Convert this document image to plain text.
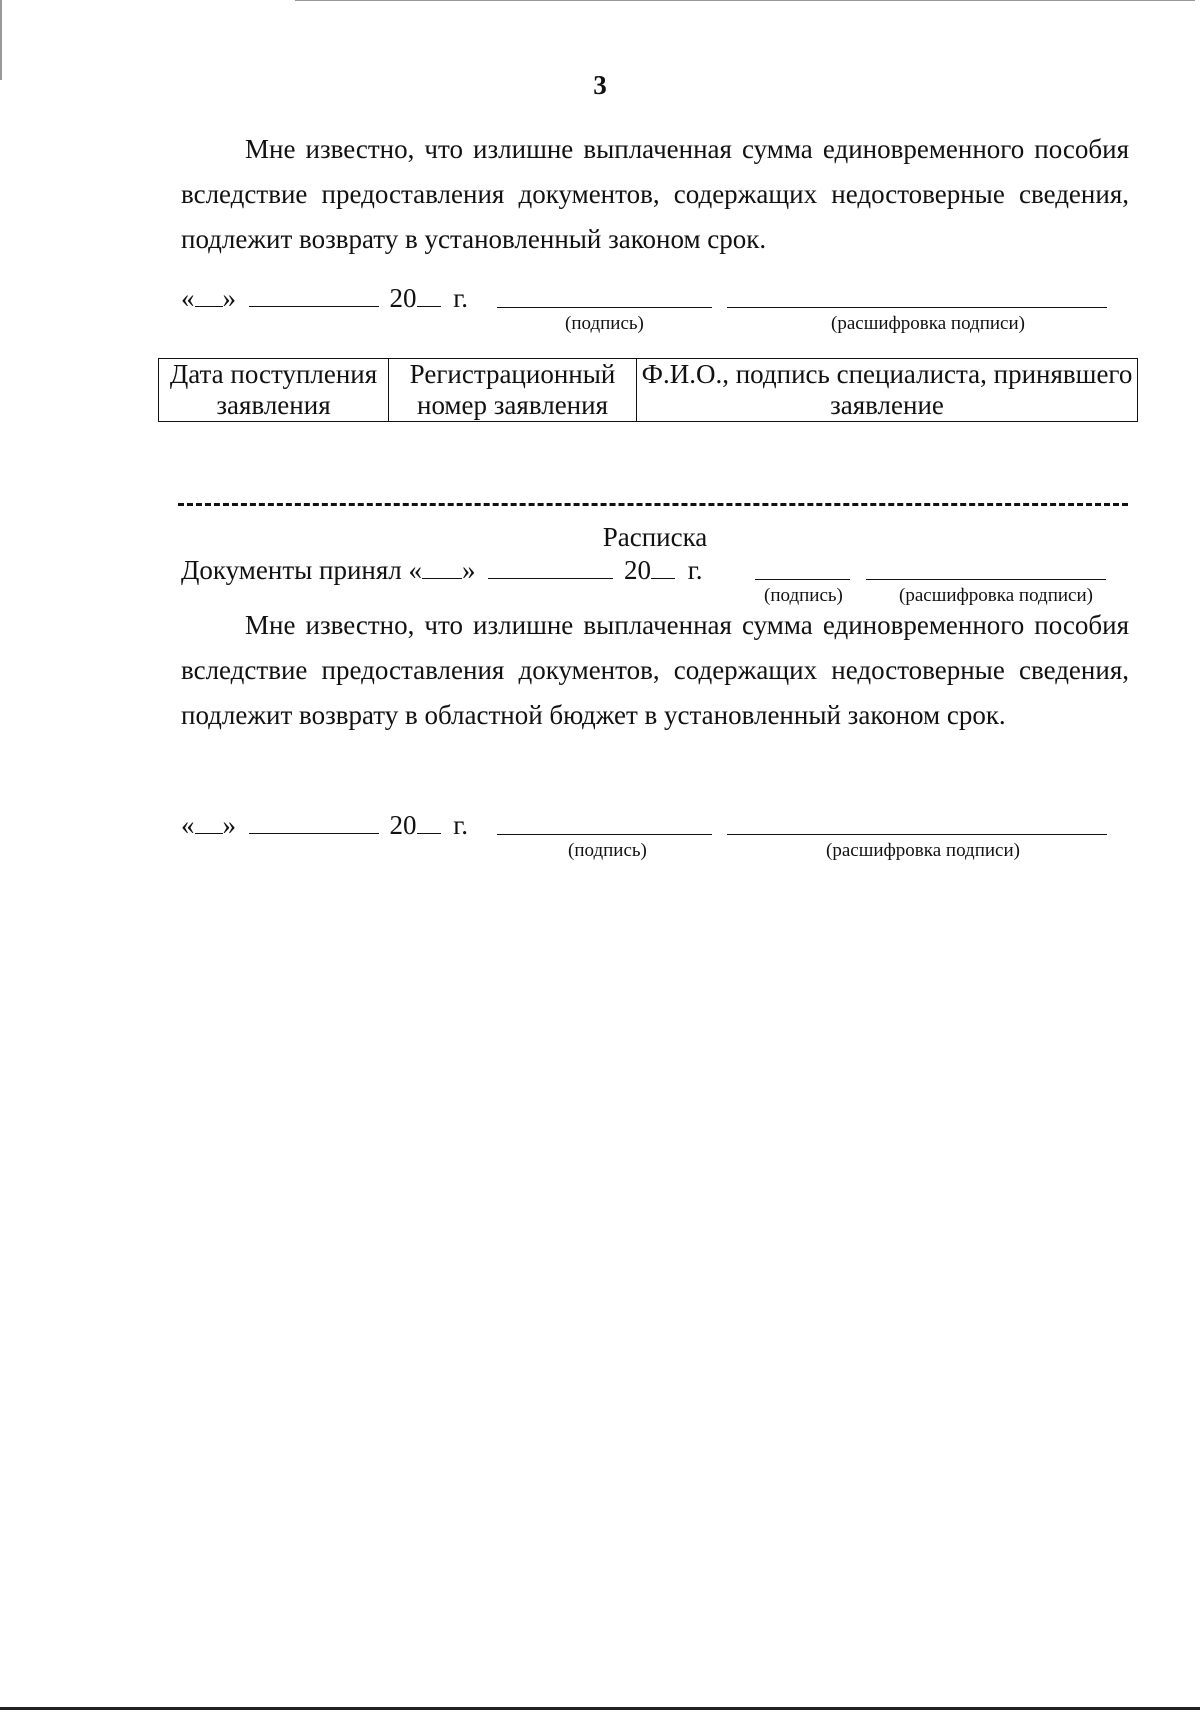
3
Мне известно, что излишне выплаченная сумма единовременного пособия вследствие предоставления документов, содержащих недостоверные сведения, подлежит возврату в установленный законом срок.
« »	20 г.
(подпись)	(расшифровка подписи)
Дата поступления заявления	Регистрационный номер заявления	Ф.И.О., подпись специалиста, принявшего заявление
Расписка
Документы принял « »	20 г.
(подпись)	(расшифровка подписи)
Мне известно, что излишне выплаченная сумма единовременного пособия вследствие предоставления документов, содержащих недостоверные сведения, подлежит возврату в областной бюджет в установленный законом срок.
« »	20 г.
(подпись)	(расшифровка подписи)
